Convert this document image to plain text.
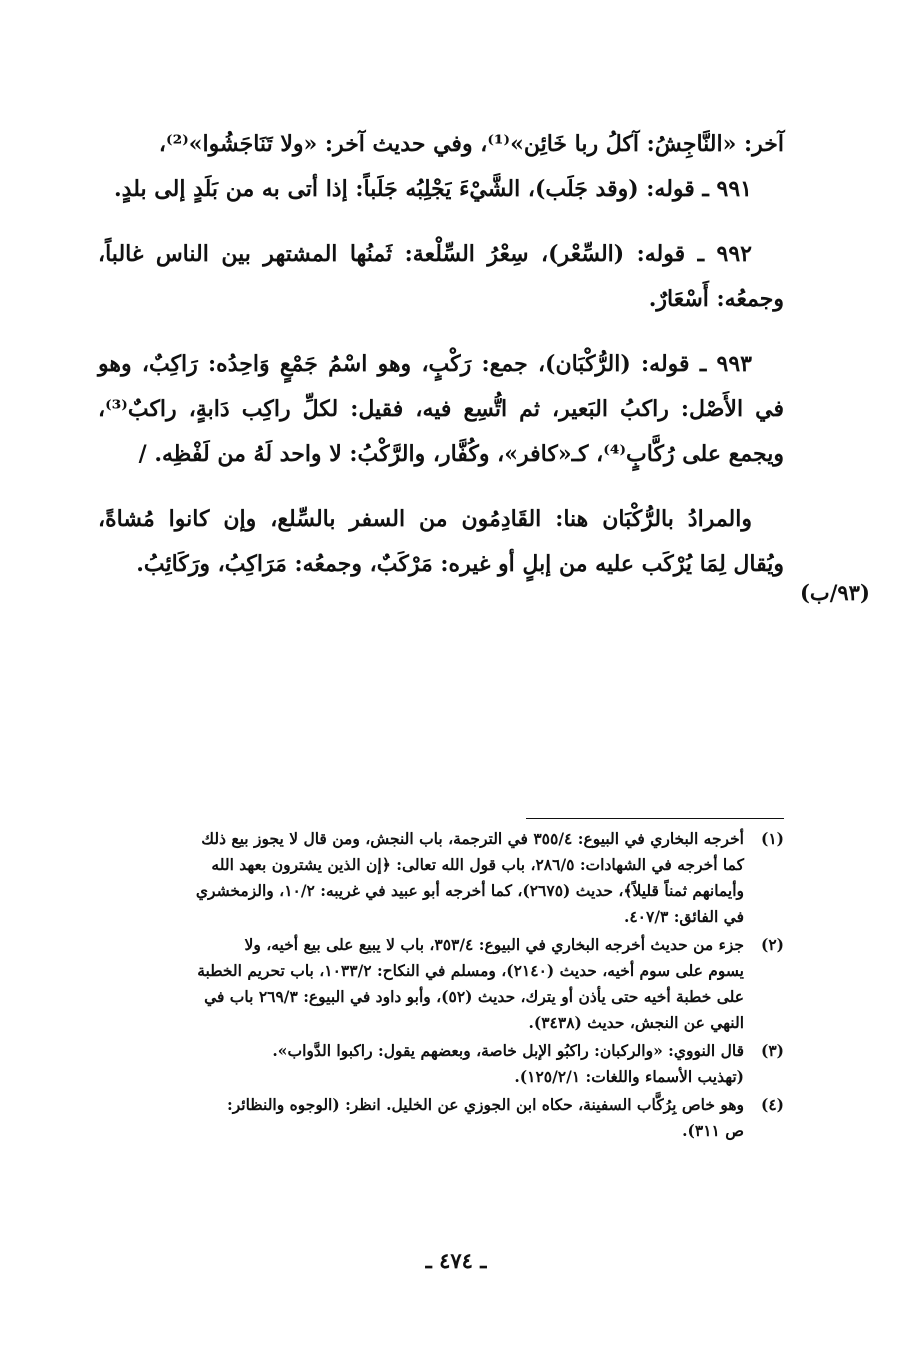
آخر: «النَّاجِشُ: آكلُ ربا خَائِن»⁽¹⁾، وفي حديث آخر: «ولا تَنَاجَشُوا»⁽²⁾،

٩٩١ ـ قوله: (وقد جَلَب)، الشَّيْءَ يَجْلِبُه جَلَباً: إذا أتى به من بَلَدٍ إلى بلدٍ.

٩٩٢ ـ قوله: (السِّعْر)، سِعْرُ السِّلْعة: ثَمنُها المشتهر بين الناس غالباً، وجمعُه: أَسْعَارٌ.

٩٩٣ ـ قوله: (الرُّكْبَان)، جمع: رَكْبٍ، وهو اسْمُ جَمْعٍ وَاحِدُه: رَاكِبٌ، وهو في الأَصْل: راكبُ البَعير، ثم اتُّسِع فيه، فقيل: لكلِّ راكِب دَابةٍ، راكبٌ⁽³⁾، ويجمع على رُكَّابٍ⁽⁴⁾، كـ«كافر»، وكُفَّار، والرَّكْبُ: لا واحد لَهُ من لَفْظِه. /

والمرادُ بالرُّكْبَان هنا: القَادِمُون من السفر بالسِّلع، وإن كانوا مُشاةً، ويُقال لِمَا يُرْكَب عليه من إبلٍ أو غيره: مَرْكَبٌ، وجمعُه: مَرَاكِبُ، ورَكَائِبُ.

(٩٣/ب)
(١)
أخرجه البخاري في البيوع: ٣٥٥/٤ في الترجمة، باب النجش، ومن قال لا يجوز بيع ذلك
كما أخرجه في الشهادات: ٢٨٦/٥، باب قول الله تعالى: ﴿إن الذين يشترون بعهد الله
وأيمانهم ثمناً قليلاً﴾، حديث (٢٦٧٥)، كما أخرجه أبو عبيد في غريبه: ١٠/٢، والزمخشري
في الفائق: ٤٠٧/٣.
(٢)
جزء من حديث أخرجه البخاري في البيوع: ٣٥٣/٤، باب لا يبيع على بيع أخيه، ولا
يسوم على سوم أخيه، حديث (٢١٤٠)، ومسلم في النكاح: ١٠٣٣/٢، باب تحريم الخطبة
على خطبة أخيه حتى يأذن أو يترك، حديث (٥٢)، وأبو داود في البيوع: ٢٦٩/٣ باب في
النهي عن النجش، حديث (٣٤٣٨).
(٣)
قال النووي: «والركبان: راكبُو الإبل خاصة، وبعضهم يقول: راكبوا الدَّواب».
(تهذيب الأسماء واللغات: ١٢٥/٢/١).
(٤)
وهو خاص بِرُكَّاب السفينة، حكاه ابن الجوزي عن الخليل. انظر: (الوجوه والنظائر:
ص ٣١١).
ـ ٤٧٤ ـ
